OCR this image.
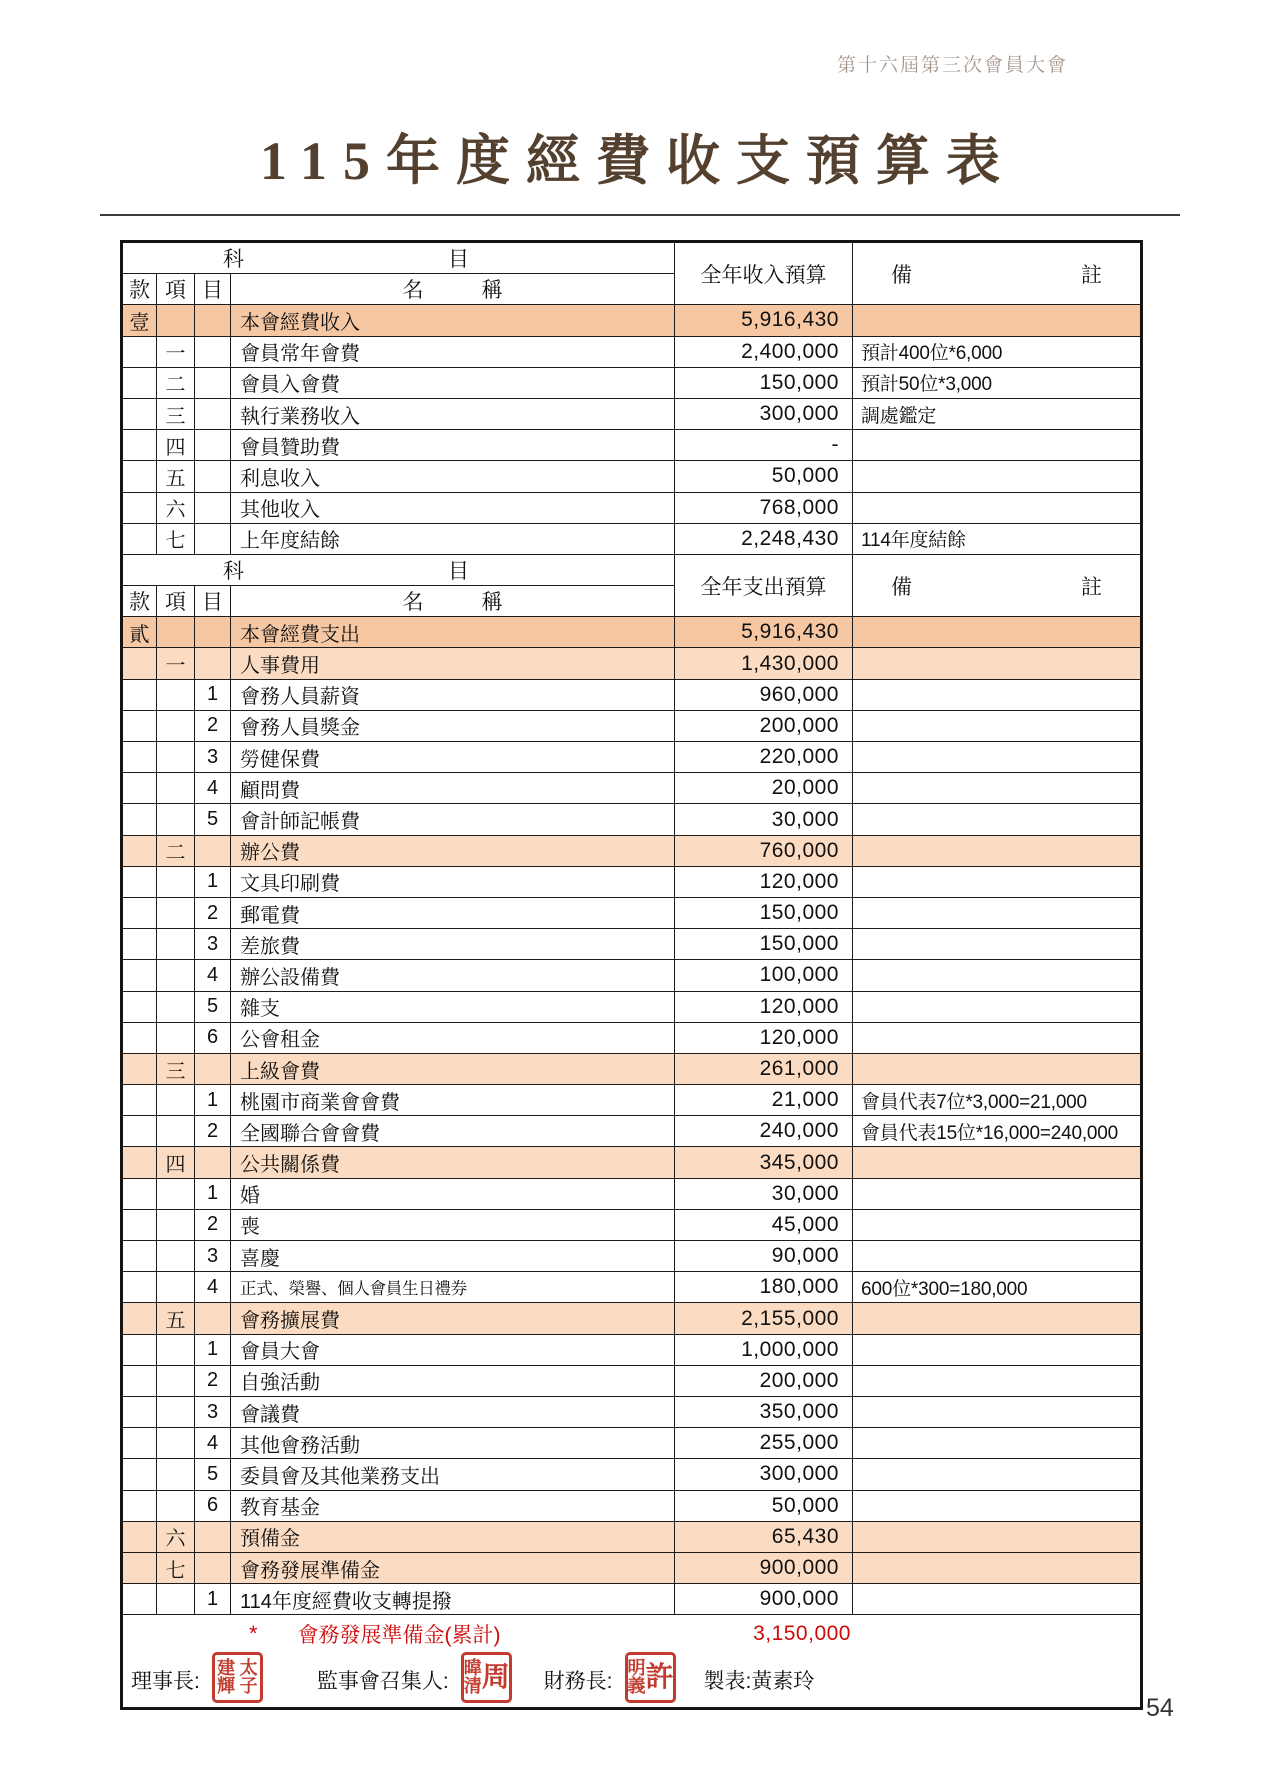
第十六屆第三次會員大會
115年度經費收支預算表
科	目
款 項 目	名	稱
全年收入預算	備	註
壹	本會經費收入	5,916,430
一	會員常年會費	2,400,000	預計400位*6,000
二	會員入會費	150,000	預計50位*3,000
三	執行業務收入	300,000	調處鑑定
四	會員贊助費	-
五	利息收入	50,000
六	其他收入	768,000
七	上年度結餘	2,248,430	114年度結餘
科	目
款 項 目	名	稱
全年支出預算	備	註
貳	本會經費支出	5,916,430
一	人事費用	1,430,000
1	會務人員薪資	960,000
2	會務人員獎金	200,000
3	勞健保費	220,000
4	顧問費	20,000
5	會計師記帳費	30,000
二	辦公費	760,000
1	文具印刷費	120,000
2	郵電費	150,000
3	差旅費	150,000
4	辦公設備費	100,000
5	雜支	120,000
6	公會租金	120,000
三	上級會費	261,000
1	桃園市商業會會費	21,000	會員代表7位*3,000=21,000
2	全國聯合會會費	240,000	會員代表15位*16,000=240,000
四	公共關係費	345,000
1	婚	30,000
2	喪	45,000
3	喜慶	90,000
4	正式、榮譽、個人會員生日禮券	180,000	600位*300=180,000
五	會務擴展費	2,155,000
1	會員大會	1,000,000
2	自強活動	200,000
3	會議費	350,000
4	其他會務活動	255,000
5	委員會及其他業務支出	300,000
6	教育基金	50,000
六	預備金	65,430
七	會務發展準備金	900,000
1	114年度經費收支轉提撥	900,000
* 會務發展準備金(累計)	3,150,000
理事長:
建
輝
太
子	監事會召集人:
暐
清 周 財務長:
明
義 許 製表:黃素玲
54
